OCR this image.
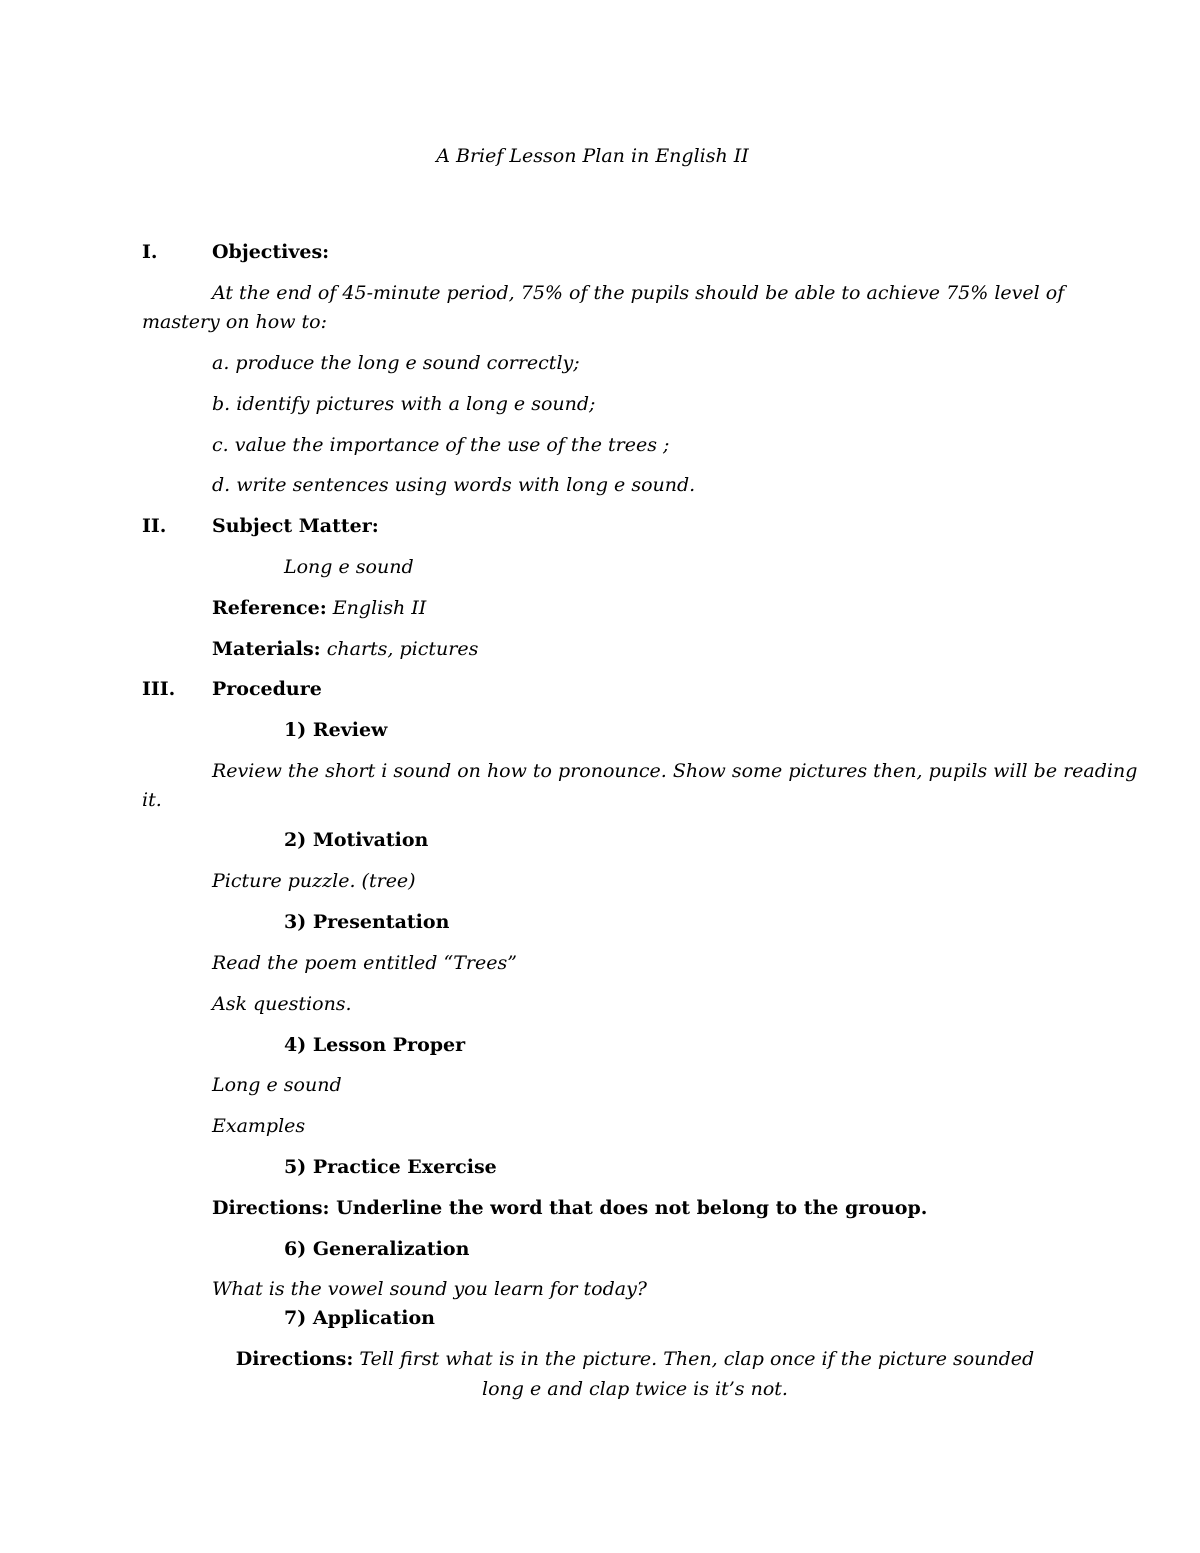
A Brief Lesson Plan in English II
I.	Objectives:
At the end of 45-minute period, 75% of the pupils should be able to achieve 75% level of
mastery on how to:
a. produce the long e sound correctly;
b. identify pictures with a long e sound;
c. value the importance of the use of the trees ;
d. write sentences using words with long e sound.
II. Subject Matter:
Long e sound
Reference: English II
Materials: charts, pictures
III. Procedure
1) Review
Review the short i sound on how to pronounce. Show some pictures then, pupils will be reading
it.
2) Motivation
Picture puzzle. (tree)
3) Presentation
Read the poem entitled “Trees”
Ask questions.
4) Lesson Proper
Long e sound
Examples
5) Practice Exercise
Directions: Underline the word that does not belong to the grouop.
6) Generalization
What is the vowel sound you learn for today?
7) Application
Directions: Tell first what is in the picture. Then, clap once if the picture sounded long e and clap twice is it’s not.
